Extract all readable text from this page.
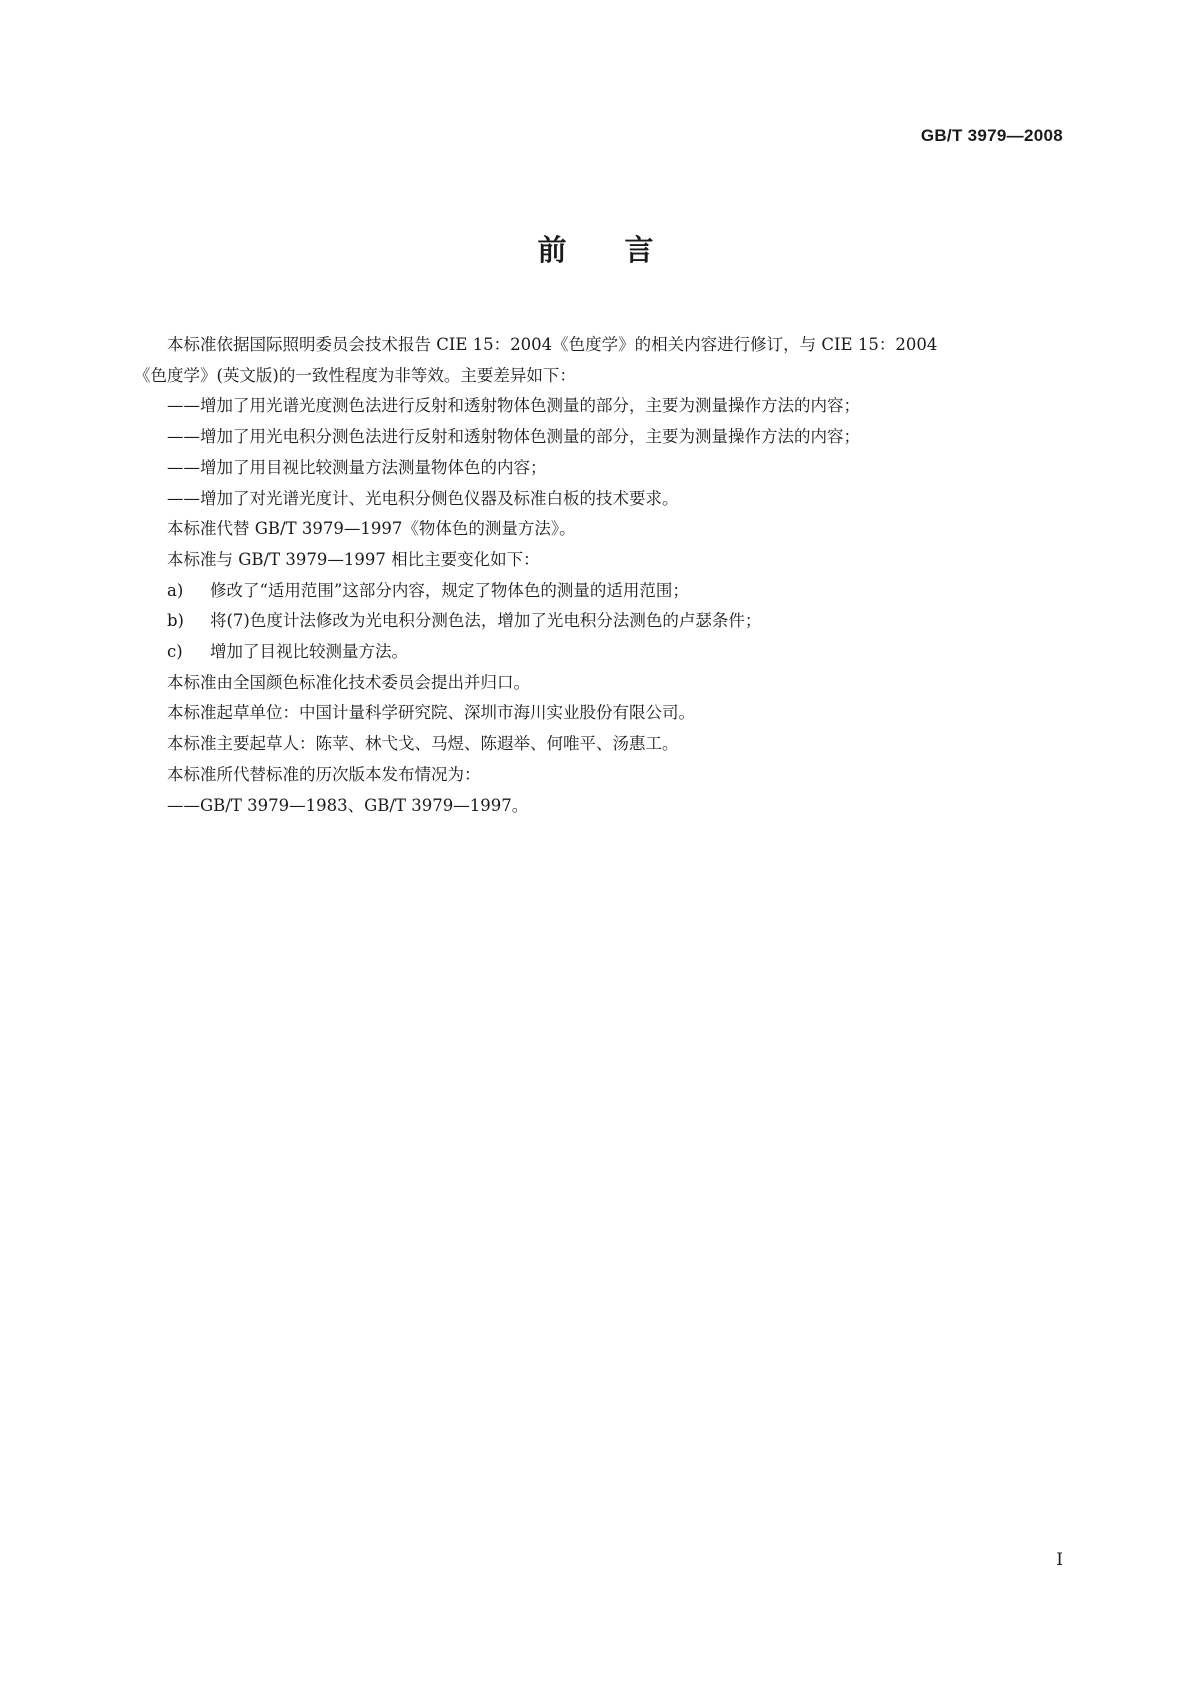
GB/T 3979—2008
前 言

本标准依据国际照明委员会技术报告 CIE 15：2004《色度学》的相关内容进行修订，与 CIE 15：2004

《色度学》(英文版)的一致性程度为非等效。主要差异如下：

——增加了用光谱光度测色法进行反射和透射物体色测量的部分，主要为测量操作方法的内容；

——增加了用光电积分测色法进行反射和透射物体色测量的部分，主要为测量操作方法的内容；

——增加了用目视比较测量方法测量物体色的内容；

——增加了对光谱光度计、光电积分侧色仪器及标准白板的技术要求。

本标准代替 GB/T 3979—1997《物体色的测量方法》。

本标准与 GB/T 3979—1997 相比主要变化如下：

a) 修改了“适用范围”这部分内容，规定了物体色的测量的适用范围；

b) 将(7)色度计法修改为光电积分测色法，增加了光电积分法测色的卢瑟条件；

c) 增加了目视比较测量方法。

本标准由全国颜色标准化技术委员会提出并归口。

本标准起草单位：中国计量科学研究院、深圳市海川实业股份有限公司。

本标准主要起草人：陈苹、林弋戈、马煜、陈遐举、何唯平、汤惠工。

本标准所代替标准的历次版本发布情况为：

——GB/T 3979—1983、GB/T 3979—1997。

I
